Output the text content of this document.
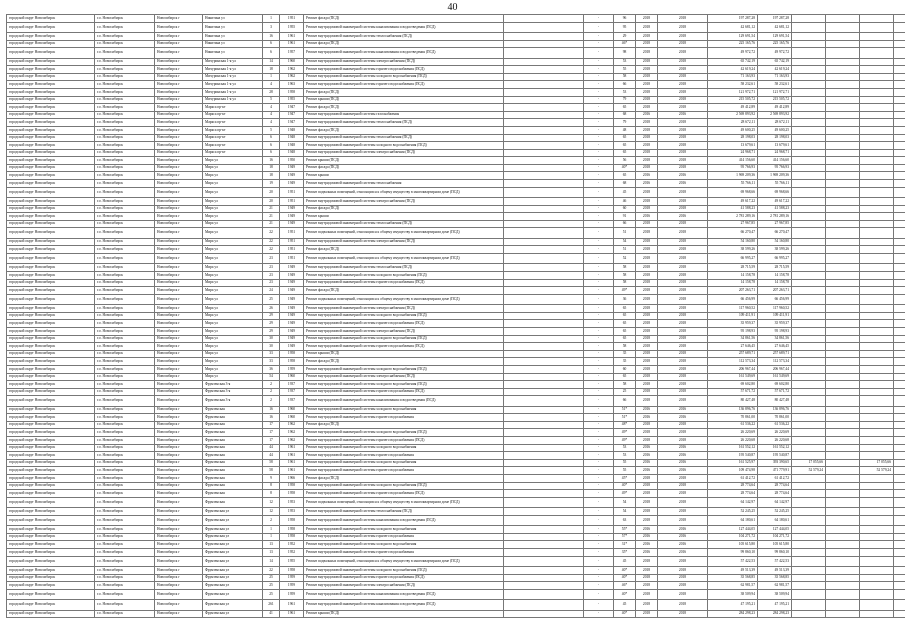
40
городской округ Новосибирск	г.о. Новосибирск	Новосибирск г	Никитина ул	1	1951	Ремонт фасада (ПСД)		-	96	2018	2018	197 287,28	197 287,28					
городской округ Новосибирск	г.о. Новосибирск	Новосибирск г	Никитина ул	3	1955	Ремонт внутридомовой инженерной системы канализования и водоотведения (ПСД)		-	95	2018	2018	42 681,12	42 681,12					
городской округ Новосибирск	г.о. Новосибирск	Новосибирск г	Никитина ул	16	1961	Ремонт внутридомовой инженерной системы теплоснабжения (ПСД)		-	29	2018	2018	129 691,54	129 691,54					
городской округ Новосибирск	г.о. Новосибирск	Новосибирск г	Никитина ул	6	1961	Ремонт фасада (ПСД)		-	46*	2018	2018	225 165,76	225 165,76					
городской округ Новосибирск	г.о. Новосибирск	Новосибирск г	Никитина ул	6	1957	Ремонт внутридомовой инженерной системы канализования и водоотведения (ПСД)		-	98	2018	2018	49 972,72	49 972,72					
городской округ Новосибирск	г.о. Новосибирск	Новосибирск г	Мичуринская 1-я ул	14	1960	Ремонт внутридомовой инженерной системы электроснабжения (ПСД)		-	53	2018	2018	65 742,19	65 742,19					
городской округ Новосибирск	г.о. Новосибирск	Новосибирск г	Мичуринская 1-я ул	18	1962	Ремонт внутридомовой инженерной системы горячего водоснабжения (ПСД)		-	55	2018	2018	42 619,24	42 619,24					
городской округ Новосибирск	г.о. Новосибирск	Новосибирск г	Мичуринская 1-я ул	1	1962	Ремонт внутридомовой инженерной системы холодного водоснабжения (ПСД)		-	58	2018	2018	71 163,93	71 163,93					
городской округ Новосибирск	г.о. Новосибирск	Новосибирск г	Мичуринская 1-я ул	4	1963	Ремонт внутридомовой инженерной системы горячего водоснабжения (ПСД)		-	66	2018	2018	58 232,61	58 232,61					
городской округ Новосибирск	г.о. Новосибирск	Новосибирск г	Мичуринская 1-я ул	28	1958	Ремонт фасада (ПСД)		-	53	2018	2018	121 972,71	121 972,71					
городской округ Новосибирск	г.о. Новосибирск	Новосибирск г	Мичуринская 1-я ул	5	1955	Ремонт крыши (ПСД)		-	79	2018	2018	215 505,72	215 505,72					
городской округ Новосибирск	г.о. Новосибирск	Новосибирск г	Маркса пр-кт	4	1947	Ремонт фасада (ПСД)		-	65	2018	2018	49 412,89	49 412,89					
городской округ Новосибирск	г.о. Новосибирск	Новосибирск г	Маркса пр-кт	4	1947	Ремонт внутридомовой инженерной системы газоснабжения		-	68	2016	2016	2 569 893,92	2 569 893,92					
городской округ Новосибирск	г.о. Новосибирск	Новосибирск г	Маркса пр-кт	4	1947	Ремонт внутридомовой инженерной системы теплоснабжения (ПСД)		-	79	2018	2018	28 672,11	28 672,11					
городской округ Новосибирск	г.о. Новосибирск	Новосибирск г	Маркса пр-кт	5	1948	Ремонт фасада (ПСД)		-	48	2018	2018	49 600,25	49 600,25					
городской округ Новосибирск	г.о. Новосибирск	Новосибирск г	Маркса пр-кт	6	1948	Ремонт внутридомовой инженерной системы теплоснабжения (ПСД)		-	65	2018	2018	28 198,03	28 198,03					
городской округ Новосибирск	г.о. Новосибирск	Новосибирск г	Маркса пр-кт	6	1948	Ремонт внутридомовой инженерной системы холодного водоснабжения (ПСД)		-	65	2018	2018	13 679,61	13 679,61					
городской округ Новосибирск	г.о. Новосибирск	Новосибирск г	Маркса пр-кт	6	1948	Ремонт внутридомовой инженерной системы электроснабжения (ПСД)		-	65	2018	2018	24 968,71	24 968,71					
городской округ Новосибирск	г.о. Новосибирск	Новосибирск г	Мира ул	16	1950	Ремонт крыши (ПСД)		-	56	2018	2018	414 156,60	414 156,60					
городской округ Новосибирск	г.о. Новосибирск	Новосибирск г	Мира ул	18	1949	Ремонт фасада (ПСД)		-	40*	2018	2018	95 766,93	95 766,93					
городской округ Новосибирск	г.о. Новосибирск	Новосибирск г	Мира ул	18	1949	Ремонт крыши		-	65	2016	2016	1 969 209,36	1 969 209,36					
городской округ Новосибирск	г.о. Новосибирск	Новосибирск г	Мира ул	19	1949	Ремонт внутридомовой инженерной системы теплоснабжения		-	68	2016	2016	55 766,11	55 766,11					
городской округ Новосибирск	г.о. Новосибирск	Новосибирск г	Мира ул	20	1951	Ремонт подвальных помещений, относящихся к общему имуществу в многоквартирном доме (ПСД)		-	45	2018	2018	69 968,66	69 968,66					
городской округ Новосибирск	г.о. Новосибирск	Новосибирск г	Мира ул	20	1951	Ремонт внутридомовой инженерной системы электроснабжения (ПСД)		-	46	2018	2018	49 617,22	49 617,22					
городской округ Новосибирск	г.о. Новосибирск	Новосибирск г	Мира ул	21	1949	Ремонт фасада (ПСД)		-	60	2018	2018	41 588,23	41 588,23					
городской округ Новосибирск	г.о. Новосибирск	Новосибирск г	Мира ул	21	1949	Ремонт крыши		-	91	2016	2016	2 781 289,16	2 781 289,16					
городской округ Новосибирск	г.о. Новосибирск	Новосибирск г	Мира ул	21	1949	Ремонт внутридомовой инженерной системы теплоснабжения (ПСД)		-	66	2018	2018	27 967,85	27 967,85					
городской округ Новосибирск	г.о. Новосибирск	Новосибирск г	Мира ул	22	1951	Ремонт подвальных помещений, относящихся к общему имуществу в многоквартирном доме (ПСД)		-	51	2018	2018	66 270,47	66 270,47					
городской округ Новосибирск	г.о. Новосибирск	Новосибирск г	Мира ул	22	1951	Ремонт внутридомовой инженерной системы электроснабжения (ПСД)		-	54	2018	2018	54 160,80	54 160,80					
городской округ Новосибирск	г.о. Новосибирск	Новосибирск г	Мира ул	22	1951	Ремонт фасада (ПСД)		-	51	2018	2018	38 599,26	38 599,26					
городской округ Новосибирск	г.о. Новосибирск	Новосибирск г	Мира ул	23	1951	Ремонт подвальных помещений, относящихся к общему имуществу в многоквартирном доме (ПСД)		-	52	2018	2018	66 995,27	66 995,27					
городской округ Новосибирск	г.о. Новосибирск	Новосибирск г	Мира ул	23	1949	Ремонт внутридомовой инженерной системы теплоснабжения (ПСД)		-	58	2018	2018	28 715,59	28 715,59					
городской округ Новосибирск	г.о. Новосибирск	Новосибирск г	Мира ул	23	1949	Ремонт внутридомовой инженерной системы холодного водоснабжения (ПСД)		-	58	2018	2018	14 158,78	14 158,78					
городской округ Новосибирск	г.о. Новосибирск	Новосибирск г	Мира ул	23	1949	Ремонт внутридомовой инженерной системы горячего водоснабжения (ПСД)		-	58	2018	2018	14 158,78	14 158,78					
городской округ Новосибирск	г.о. Новосибирск	Новосибирск г	Мира ул	24	1949	Ремонт фасада (ПСД)		-	49*	2018	2018	207 263,71	207 263,71					
городской округ Новосибирск	г.о. Новосибирск	Новосибирск г	Мира ул	25	1949	Ремонт подвальных помещений, относящихся к общему имуществу в многоквартирном доме (ПСД)		-	36	2018	2018	66 456,99	66 456,99					
городской округ Новосибирск	г.о. Новосибирск	Новосибирск г	Мира ул	26	1949	Ремонт внутридомовой инженерной системы электроснабжения (ПСД)		-	65	2018	2018	117 960,52	117 960,52					
городской округ Новосибирск	г.о. Новосибирск	Новосибирск г	Мира ул	29	1949	Ремонт внутридомовой инженерной системы холодного водоснабжения (ПСД)		-	65	2018	2018	109 411,91	109 411,91					
городской округ Новосибирск	г.о. Новосибирск	Новосибирск г	Мира ул	29	1949	Ремонт внутридомовой инженерной системы горячего водоснабжения (ПСД)		-	65	2018	2018	35 959,37	35 959,37					
городской округ Новосибирск	г.о. Новосибирск	Новосибирск г	Мира ул	29	1949	Ремонт внутридомовой инженерной системы электроснабжения (ПСД)		-	65	2018	2018	95 198,93	95 198,93					
городской округ Новосибирск	г.о. Новосибирск	Новосибирск г	Мира ул	30	1949	Ремонт внутридомовой инженерной системы холодного водоснабжения (ПСД)		-	65	2018	2018	34 861,56	34 861,56					
городской округ Новосибирск	г.о. Новосибирск	Новосибирск г	Мира ул	30	1949	Ремонт внутридомовой инженерной системы горячего водоснабжения (ПСД)		-	58	2018	2018	27 646,45	27 646,45					
городской округ Новосибирск	г.о. Новосибирск	Новосибирск г	Мира ул	33	1958	Ремонт крыши (ПСД)		-	35	2018	2018	257 689,71	257 689,71					
городской округ Новосибирск	г.о. Новосибирск	Новосибирск г	Мира ул	33	1958	Ремонт фасада (ПСД)		-	35	2018	2018	112 573,34	112 573,34					
городской округ Новосибирск	г.о. Новосибирск	Новосибирск г	Мира ул	36	1959	Ремонт внутридомовой инженерной системы холодного водоснабжения (ПСД)		-	60	2018	2018	206 967,44	206 967,44					
городской округ Новосибирск	г.о. Новосибирск	Новосибирск г	Мира ул	54	1960	Ремонт внутридомовой инженерной системы электроснабжения (ПСД)		-	65	2018	2018	161 549,69	161 549,69					
городской округ Новосибирск	г.о. Новосибирск	Новосибирск г	Фрунзенская 3-я	2	1937	Ремонт внутридомовой инженерной системы холодного водоснабжения (ПСД)		-	58	2018	2018	69 602,80	69 602,80					
городской округ Новосибирск	г.о. Новосибирск	Новосибирск г	Фрунзенская 3-я	2	1937	Ремонт внутридомовой инженерной системы горячего водоснабжения (ПСД)		-	25	2018	2018	57 671,72	57 671,72					
городской округ Новосибирск	г.о. Новосибирск	Новосибирск г	Фрунзенская 3-я	2	1937	Ремонт внутридомовой инженерной системы канализования и водоотведения (ПСД)		-	66	2018	2018	80 427,48	80 427,48					
городской округ Новосибирск	г.о. Новосибирск	Новосибирск г	Фрунзенская	16	1960	Ремонт внутридомовой инженерной системы холодного водоснабжения		-	51*	2016	2016	136 896,76	136 896,76					
городской округ Новосибирск	г.о. Новосибирск	Новосибирск г	Фрунзенская	16	1960	Ремонт внутридомовой инженерной системы горячего водоснабжения		-	51*	2016	2016	70 861,00	70 861,00					
городской округ Новосибирск	г.о. Новосибирск	Новосибирск г	Фрунзенская	17	1962	Ремонт фасада (ПСД)		-	48*	2018	2018	61 536,22	61 536,22					
городской округ Новосибирск	г.о. Новосибирск	Новосибирск г	Фрунзенская	17	1962	Ремонт внутридомовой инженерной системы холодного водоснабжения (ПСД)		-	49*	2018	2018	26 220,69	26 220,69					
городской округ Новосибирск	г.о. Новосибирск	Новосибирск г	Фрунзенская	17	1962	Ремонт внутридомовой инженерной системы горячего водоснабжения (ПСД)		-	49*	2018	2018	26 220,68	26 220,68					
городской округ Новосибирск	г.о. Новосибирск	Новосибирск г	Фрунзенская	44	1961	Ремонт внутридомовой инженерной системы холодного водоснабжения		-	53	2016	2016	161 552,12	161 552,12					
городской округ Новосибирск	г.о. Новосибирск	Новосибирск г	Фрунзенская	44	1961	Ремонт внутридомовой инженерной системы горячего водоснабжения		-	53	2016	2016	195 540,87	195 540,87					
городской округ Новосибирск	г.о. Новосибирск	Новосибирск г	Фрунзенская	58	1961	Ремонт внутридомовой инженерной системы холодного водоснабжения		-	55	2016	2016	161 525,97	393 390,65	17 055,66		17 055,66		
городской округ Новосибирск	г.о. Новосибирск	Новосибирск г	Фрунзенская	58	1961	Ремонт внутридомовой инженерной системы горячего водоснабжения		-	55	2016	2016	109 474,98	471 779,91	52 579,24		52 579,24		
городской округ Новосибирск	г.о. Новосибирск	Новосибирск г	Фрунзенская	9	1966	Ремонт фасада (ПСД)		-	45*	2018	2018	61 412,72	61 412,72					
городской округ Новосибирск	г.о. Новосибирск	Новосибирск г	Фрунзенская	8	1958	Ремонт внутридомовой инженерной системы холодного водоснабжения (ПСД)		-	40*	2018	2018	28 774,64	28 774,64					
городской округ Новосибирск	г.о. Новосибирск	Новосибирск г	Фрунзенская	8	1958	Ремонт внутридомовой инженерной системы горячего водоснабжения (ПСД)		-	49*	2018	2018	28 774,64	28 774,64					
городской округ Новосибирск	г.о. Новосибирск	Новосибирск г	Фрунзенская	12	1953	Ремонт подвальных помещений, относящихся к общему имуществу в многоквартирном доме (ПСД)		-	54	2018	2018	64 142,97	64 142,97					
городской округ Новосибирск	г.о. Новосибирск	Новосибирск г	Фрунзенская ул	12	1953	Ремонт внутридомовой инженерной системы теплоснабжения (ПСД)		-	54	2018	2018	52 245,25	52 245,25					
городской округ Новосибирск	г.о. Новосибирск	Новосибирск г	Фрунзенская ул	2	1958	Ремонт внутридомовой инженерной системы канализования и водоотведения (ПСД)		-	63	2018	2018	64 180,61	64 180,61					
городской округ Новосибирск	г.о. Новосибирск	Новосибирск г	Фрунзенская ул	1	1958	Ремонт внутридомовой инженерной системы холодного водоснабжения		-	55*	2016	2016	127 444,05	127 444,05					
городской округ Новосибирск	г.о. Новосибирск	Новосибирск г	Фрунзенская ул	1	1958	Ремонт внутридомовой инженерной системы горячего водоснабжения		-	57*	2016	2016	104 271,72	104 271,72					
городской округ Новосибирск	г.о. Новосибирск	Новосибирск г	Фрунзенская ул	13	1952	Ремонт внутридомовой инженерной системы холодного водоснабжения		-	31*	2016	2016	105 615,80	105 615,80					
городской округ Новосибирск	г.о. Новосибирск	Новосибирск г	Фрунзенская ул	13	1952	Ремонт внутридомовой инженерной системы горячего водоснабжения		-	35*	2016	2016	99 860,10	99 860,10					
городской округ Новосибирск	г.о. Новосибирск	Новосибирск г	Фрунзенская ул	14	1955	Ремонт подвальных помещений, относящихся к общему имуществу в многоквартирном доме (ПСД)		-	45	2018	2018	57 422,53	57 422,53					
городской округ Новосибирск	г.о. Новосибирск	Новосибирск г	Фрунзенская ул	22	1958	Ремонт внутридомовой инженерной системы холодного водоснабжения (ПСД)		-	40*	2018	2018	49 513,39	49 513,39					
городской округ Новосибирск	г.о. Новосибирск	Новосибирск г	Фрунзенская ул	25	1959	Ремонт внутридомовой инженерной системы горячего водоснабжения (ПСД)		-	40*	2018	2018	35 568,85	35 568,85					
городской округ Новосибирск	г.о. Новосибирск	Новосибирск г	Фрунзенская ул	25	1959	Ремонт внутридомовой инженерной системы электроснабжения (ПСД)		-	46*	2018	2018	62 981,57	62 981,57					
городской округ Новосибирск	г.о. Новосибирск	Новосибирск г	Фрунзенская ул	25	1959	Ремонт внутридомовой инженерной системы канализования и водоотведения (ПСД)		-	40*	2018	2018	38 509,94	38 509,94					
городской округ Новосибирск	г.о. Новосибирск	Новосибирск г	Фрунзенская ул	261	1961	Ремонт внутридомовой инженерной системы канализования и водоотведения (ПСД)		-	45	2018	2018	47 195,21	47 195,21					
городской округ Новосибирск	г.о. Новосибирск	Новосибирск г	Фрунзенская ул	41	1961	Ремонт крыши (ПСД)		-	40*	2018	2018	284 298,23	284 298,23					
